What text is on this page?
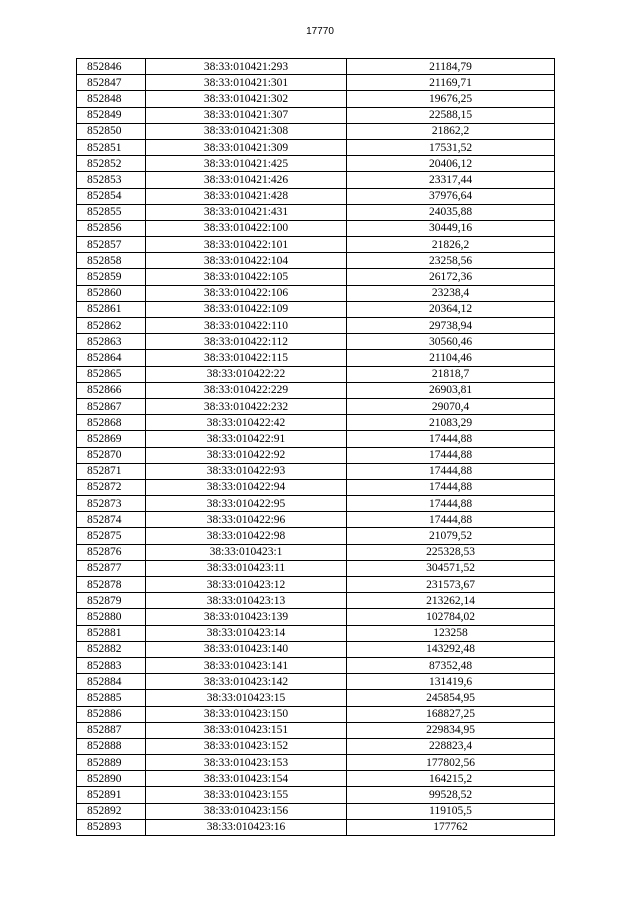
17770
852846	38:33:010421:293	21184,79
852847	38:33:010421:301	21169,71
852848	38:33:010421:302	19676,25
852849	38:33:010421:307	22588,15
852850	38:33:010421:308	21862,2
852851	38:33:010421:309	17531,52
852852	38:33:010421:425	20406,12
852853	38:33:010421:426	23317,44
852854	38:33:010421:428	37976,64
852855	38:33:010421:431	24035,88
852856	38:33:010422:100	30449,16
852857	38:33:010422:101	21826,2
852858	38:33:010422:104	23258,56
852859	38:33:010422:105	26172,36
852860	38:33:010422:106	23238,4
852861	38:33:010422:109	20364,12
852862	38:33:010422:110	29738,94
852863	38:33:010422:112	30560,46
852864	38:33:010422:115	21104,46
852865	38:33:010422:22	21818,7
852866	38:33:010422:229	26903,81
852867	38:33:010422:232	29070,4
852868	38:33:010422:42	21083,29
852869	38:33:010422:91	17444,88
852870	38:33:010422:92	17444,88
852871	38:33:010422:93	17444,88
852872	38:33:010422:94	17444,88
852873	38:33:010422:95	17444,88
852874	38:33:010422:96	17444,88
852875	38:33:010422:98	21079,52
852876	38:33:010423:1	225328,53
852877	38:33:010423:11	304571,52
852878	38:33:010423:12	231573,67
852879	38:33:010423:13	213262,14
852880	38:33:010423:139	102784,02
852881	38:33:010423:14	123258
852882	38:33:010423:140	143292,48
852883	38:33:010423:141	87352,48
852884	38:33:010423:142	131419,6
852885	38:33:010423:15	245854,95
852886	38:33:010423:150	168827,25
852887	38:33:010423:151	229834,95
852888	38:33:010423:152	228823,4
852889	38:33:010423:153	177802,56
852890	38:33:010423:154	164215,2
852891	38:33:010423:155	99528,52
852892	38:33:010423:156	119105,5
852893	38:33:010423:16	177762
